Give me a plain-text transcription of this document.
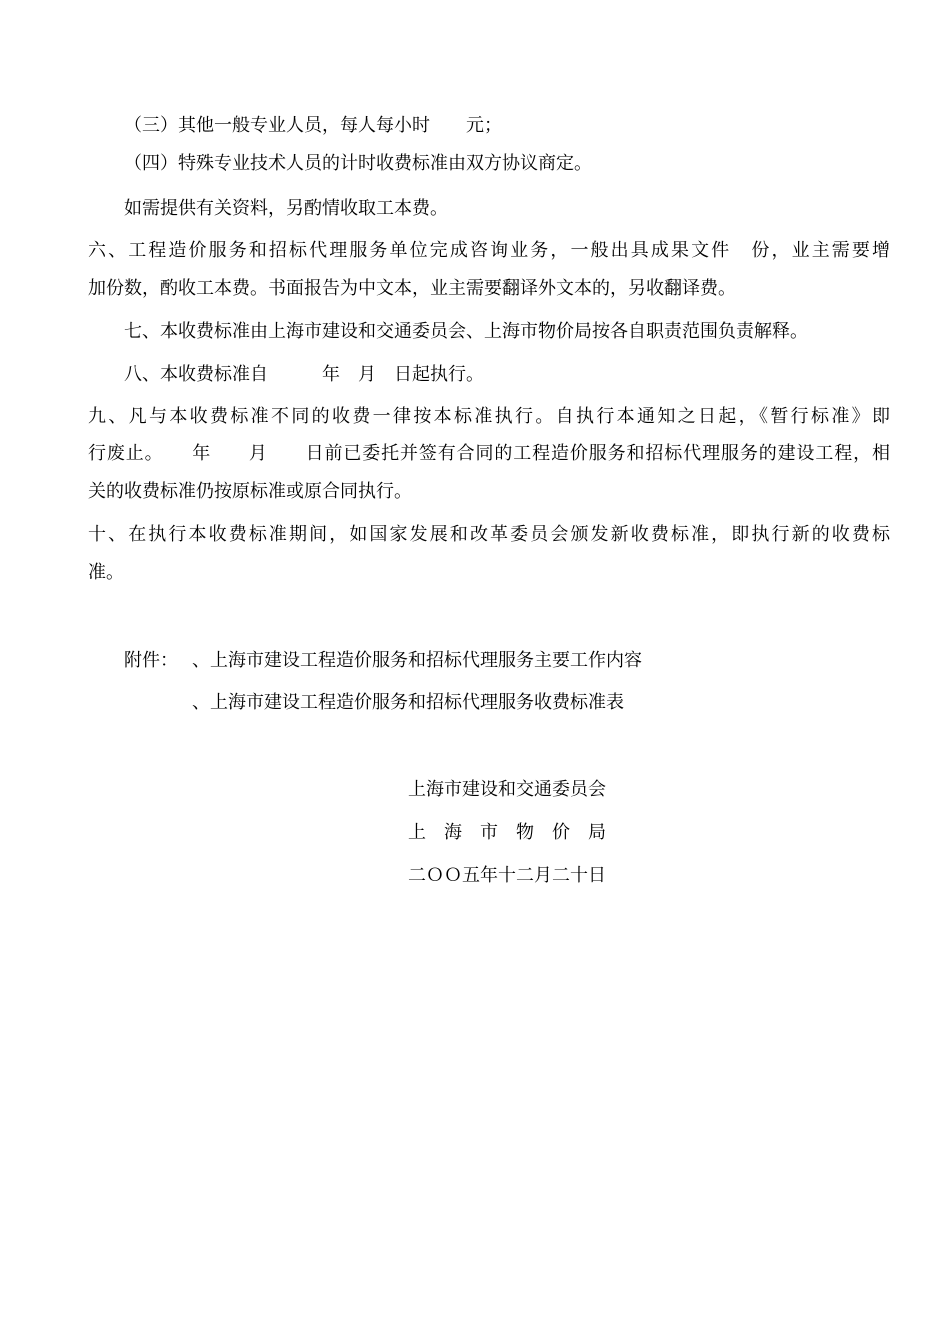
（三）其他一般专业人员，每人每小时　　元；
（四）特殊专业技术人员的计时收费标准由双方协议商定。
如需提供有关资料，另酌情收取工本费。
六、工程造价服务和招标代理服务单位完成咨询业务，一般出具成果文件　份，业主需要增
加份数，酌收工本费。书面报告为中文本，业主需要翻译外文本的，另收翻译费。
七、本收费标准由上海市建设和交通委员会、上海市物价局按各自职责范围负责解释。
八、本收费标准自　　　年　月　日起执行。
九、凡与本收费标准不同的收费一律按本标准执行。自执行本通知之日起，《暂行标准》即
行废止。　　年　　月　　日前已委托并签有合同的工程造价服务和招标代理服务的建设工程，相
关的收费标准仍按原标准或原合同执行。
十、在执行本收费标准期间，如国家发展和改革委员会颁发新收费标准，即执行新的收费标
准。
附件： 、上海市建设工程造价服务和招标代理服务主要工作内容
、上海市建设工程造价服务和招标代理服务收费标准表
上海市建设和交通委员会
上　海　市　物　价　局
二ＯＯ五年十二月二十日
